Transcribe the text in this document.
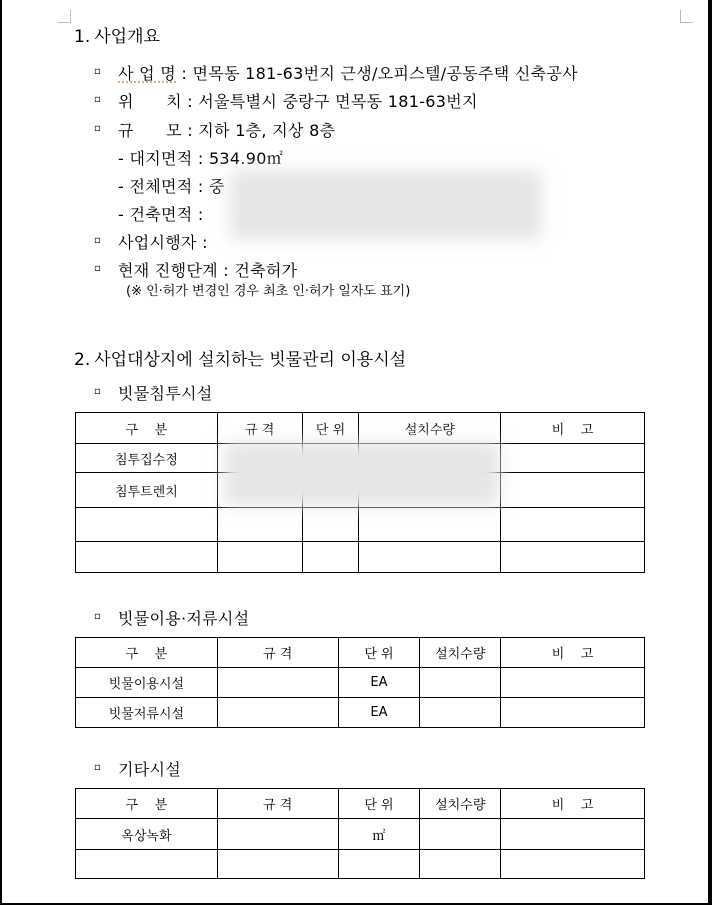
1. 사업개요
▫ 사 업 명 : 면목동 181-63번지 근생/오피스텔/공동주택 신축공사
▫ 위      치 : 서울특별시 중랑구 면목동 181-63번지
▫ 규      모 : 지하 1층, 지상 8층
- 대지면적 : 534.90㎡
- 전체면적 : 중
- 건축면적 :
▫ 사업시행자 :
▫ 현재 진행단계 : 건축허가
(※ 인·허가 변경인 경우 최초 인·허가 일자도 표기)
2. 사업대상지에 설치하는 빗물관리 이용시설
▫ 빗물침투시설
구    분	규 격	단 위	설치수량	비    고
침투집수정				
침투트렌치				

▫ 빗물이용·저류시설
구    분	규 격	단 위	설치수량	비    고
빗물이용시설		EA		
빗물저류시설		EA		
▫ 기타시설
구    분	규 격	단 위	설치수량	비    고
옥상녹화		㎡		
